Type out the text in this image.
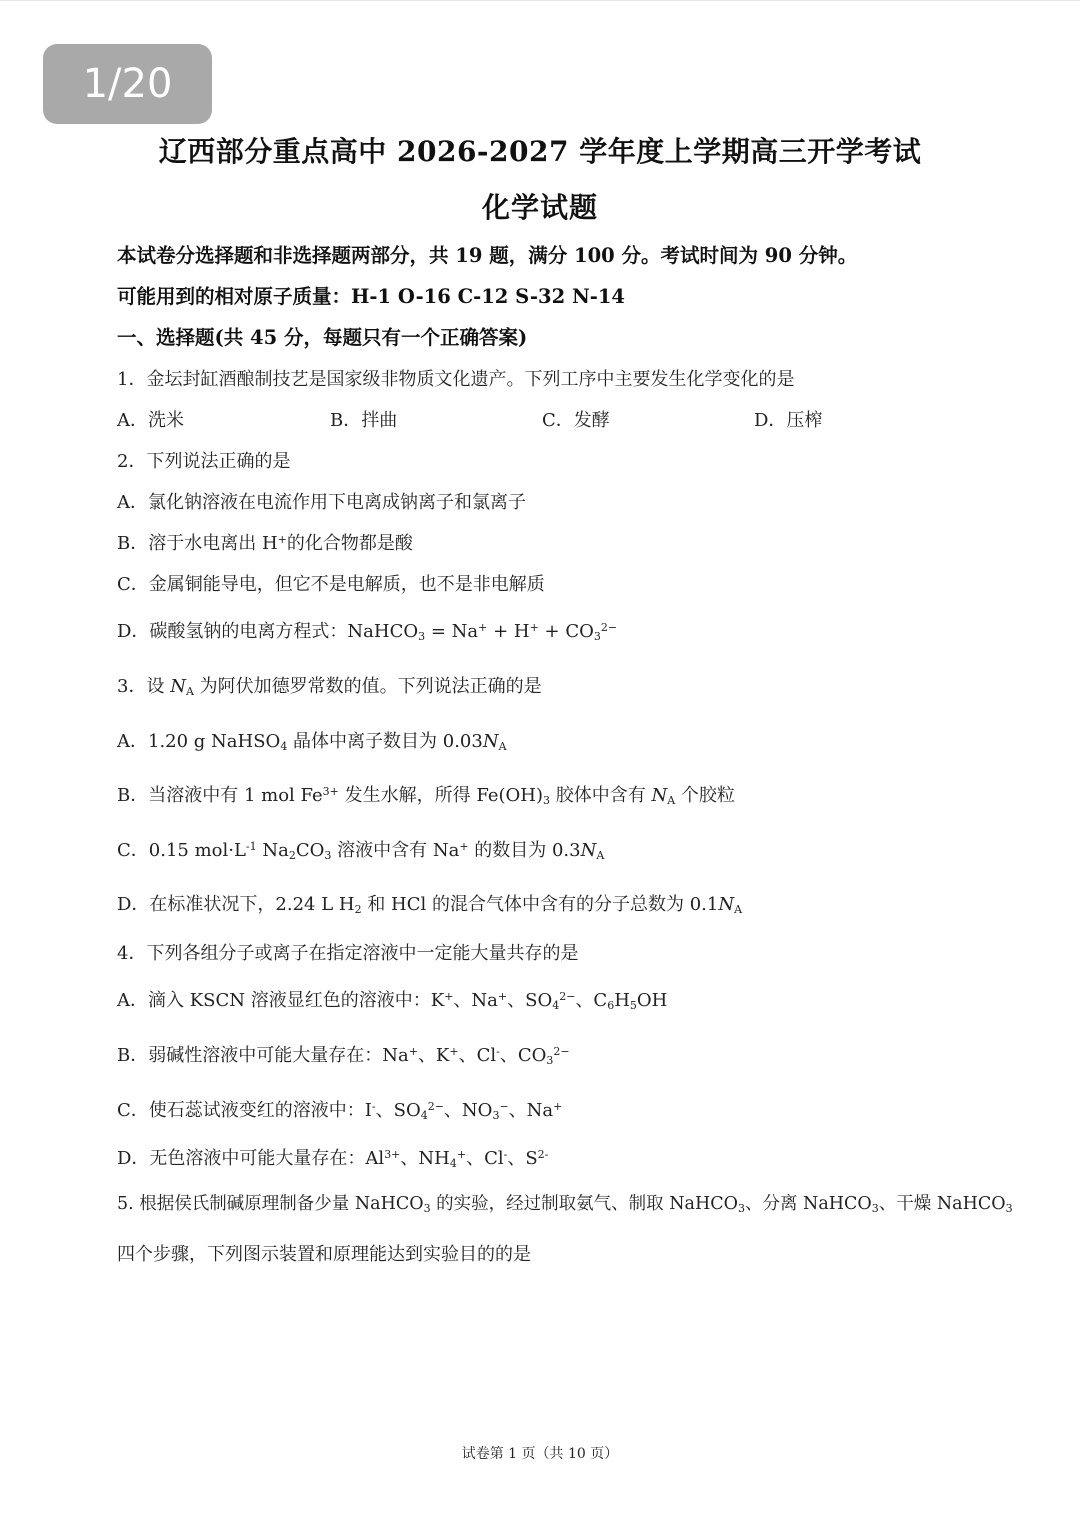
1/20
辽西部分重点高中 2026-2027 学年度上学期高三开学考试
化学试题
本试卷分选择题和非选择题两部分，共 19 题，满分 100 分。考试时间为 90 分钟。
可能用到的相对原子质量：H-1 O-16 C-12 S-32 N-14
一、选择题(共 45 分，每题只有一个正确答案)
1．金坛封缸酒酿制技艺是国家级非物质文化遗产。下列工序中主要发生化学变化的是
A．洗米	B．拌曲	C．发酵	D．压榨
2．下列说法正确的是
A．氯化钠溶液在电流作用下电离成钠离子和氯离子
B．溶于水电离出 H+的化合物都是酸
C．金属铜能导电，但它不是电解质，也不是非电解质
D．碳酸氢钠的电离方程式：NaHCO$_3$ = $Na^+ + H^+ + CO_3^{2-}$
3．设 $N_A$ 为阿伏加德罗常数的值。下列说法正确的是
A．1.20 g NaHSO$_4$ 晶体中离子数目为 $0.03N_A$
B．当溶液中有 1 mol $Fe^{3+}$ 发生水解，所得 $Fe(OH)_3$ 胶体中含有 $N_A$ 个胶粒
C．0.15 $mol\cdot L^{-1}$ $Na_2CO_3$ 溶液中含有 Na+ 的数目为 $0.3N_A$
D．在标准状况下，2.24 L $H_2$ 和 HCl 的混合气体中含有的分子总数为 $0.1N_A$
4．下列各组分子或离子在指定溶液中一定能大量共存的是
A．滴入 KSCN 溶液显红色的溶液中：K+、Na+、$SO_4^{2-}$、$C_6H_5OH$
B．弱碱性溶液中可能大量存在：Na+、K+、Cl-、$CO_3^{2-}$
C．使石蕊试液变红的溶液中：I-、$SO_4^{2-}$、$NO_3^-$、Na+
D．无色溶液中可能大量存在：$Al^{3+}$、$NH_4^+$、Cl-、$S^{2-}$
5. 根据侯氏制碱原理制备少量 NaHCO$_3$ 的实验，经过制取氨气、制取 NaHCO$_3$、分离 NaHCO$_3$、干燥 NaHCO$_3$
四个步骤，下列图示装置和原理能达到实验目的的是
试卷第 1 页（共 10 页）
